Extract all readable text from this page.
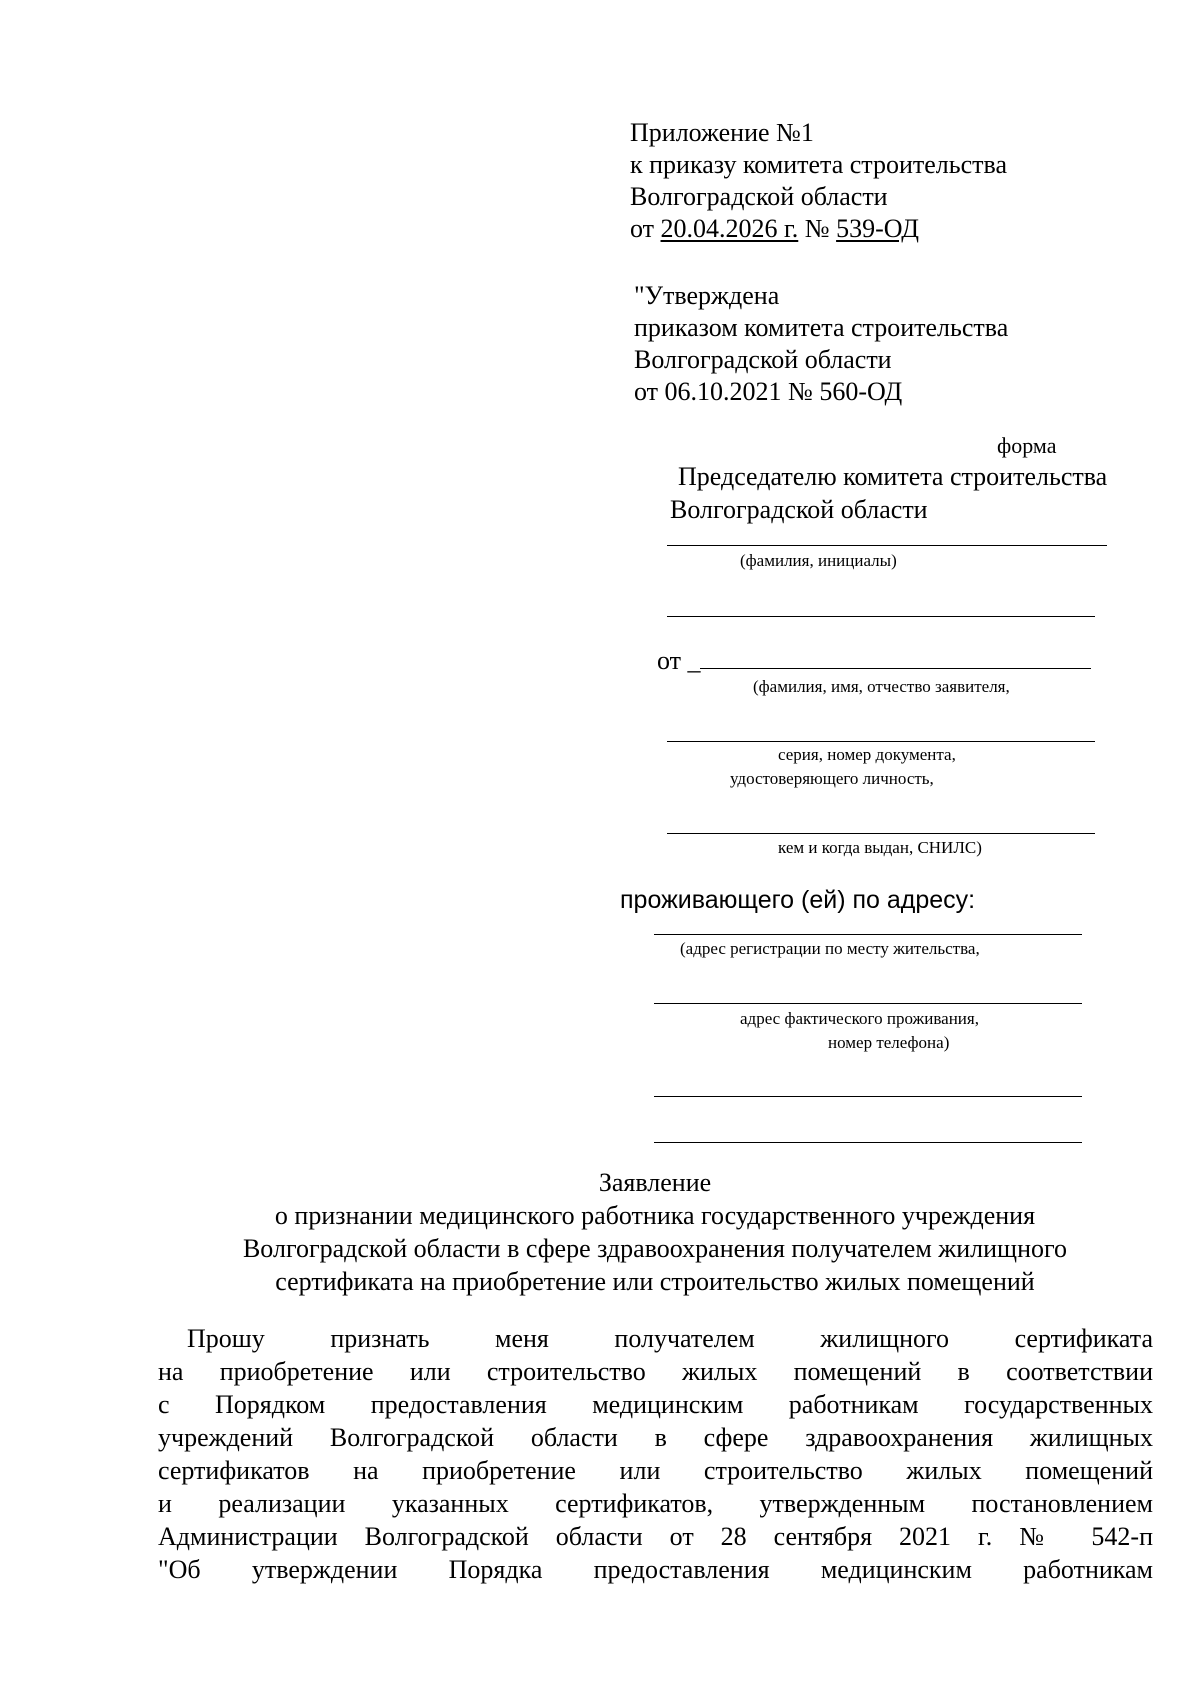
Приложение №1
к приказу комитета строительства
Волгоградской области
от 20.04.2026 г. № 539-ОД
"Утверждена
приказом комитета строительства
Волгоградской области
от 06.10.2021 № 560-ОД
форма
Председателю комитета строительства
Волгоградской области
(фамилия, инициалы)
от _
(фамилия, имя, отчество заявителя,
серия, номер документа,
удостоверяющего личность,
кем и когда выдан, СНИЛС)
проживающего (ей) по адресу:
(адрес регистрации по месту жительства,
адрес фактического проживания,
номер телефона)
Заявление
о признании медицинского работника государственного учреждения
Волгоградской области в сфере здравоохранения получателем жилищного
сертификата на приобретение или строительство жилых помещений
Прошу признать меня получателем жилищного сертификата
на приобретение или строительство жилых помещений в соответствии
с Порядком предоставления медицинским работникам государственных
учреждений Волгоградской области в сфере здравоохранения жилищных
сертификатов на приобретение или строительство жилых помещений
и реализации указанных сертификатов, утвержденным постановлением
Администрации Волгоградской области от 28 сентября 2021 г. № 542-п
"Об утверждении Порядка предоставления медицинским работникам
